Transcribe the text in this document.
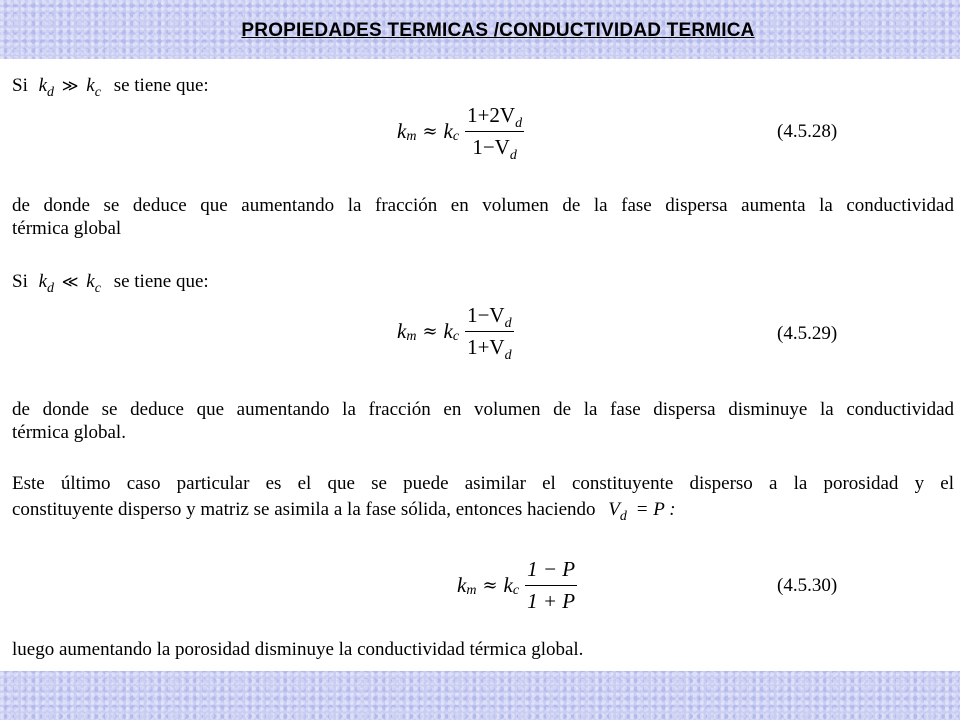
PROPIEDADES TERMICAS /CONDUCTIVIDAD TERMICA
Si $k_d$ ≫ $k_c$ se tiene que:
k m ≈ k c $\frac{1+2V_d}{1-V_d}$	(4.5.28)
de donde se deduce que aumentando la fracción en volumen de la fase dispersa aumenta la conductividad
térmica global
Si $k_d$ ≪ $k_c$ se tiene que:
k m ≈ k c $\frac{1-V_d}{1+V_d}$	(4.5.29)
de donde se deduce que aumentando la fracción en volumen de la fase dispersa disminuye la conductividad
térmica global.
Este último caso particular es el que se puede asimilar el constituyente disperso a la porosidad y el
constituyente disperso y matriz se asimila a la fase sólida, entonces haciendo $V_d = P$ :
k m ≈ k c $\frac{1 - P}{1 + P}$	(4.5.30)
luego aumentando la porosidad disminuye la conductividad térmica global.
